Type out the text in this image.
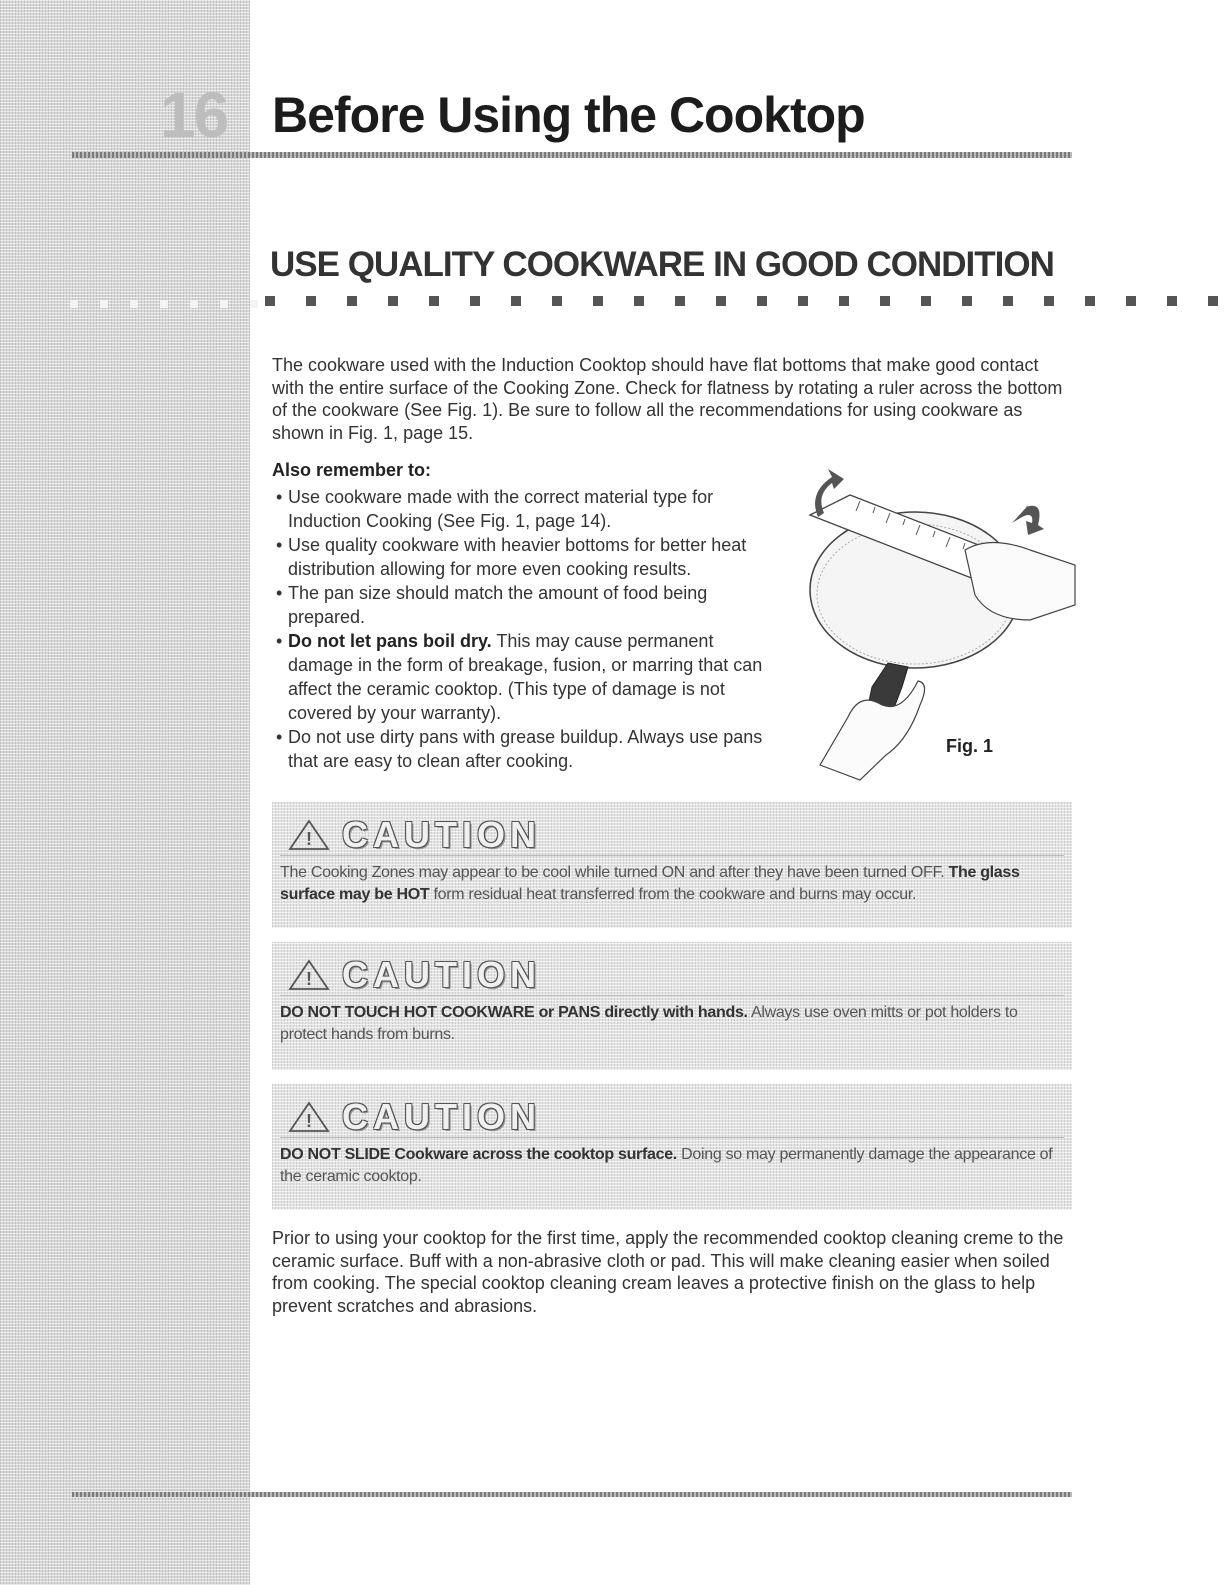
16 Before Using the Cooktop
USE QUALITY COOKWARE IN GOOD CONDITION

The cookware used with the Induction Cooktop should have flat bottoms that make good contact with the entire surface of the Cooking Zone. Check for flatness by rotating a ruler across the bottom of the cookware (See Fig. 1). Be sure to follow all the recommendations for using cookware as shown in Fig. 1, page 15.

Also remember to:

• Use cookware made with the correct material type for Induction Cooking (See Fig. 1, page 14).
• Use quality cookware with heavier bottoms for better heat distribution allowing for more even cooking results.
• The pan size should match the amount of food being prepared.
• Do not let pans boil dry. This may cause permanent damage in the form of breakage, fusion, or marring that can affect the ceramic cooktop. (This type of damage is not covered by your warranty).
• Do not use dirty pans with grease buildup. Always use pans that are easy to clean after cooking.

Fig. 1

! CAUTION

The Cooking Zones may appear to be cool while turned ON and after they have been turned OFF. The glass surface may be HOT form residual heat transferred from the cookware and burns may occur.

! CAUTION

DO NOT TOUCH HOT COOKWARE or PANS directly with hands. Always use oven mitts or pot holders to protect hands from burns.

! CAUTION

DO NOT SLIDE Cookware across the cooktop surface. Doing so may permanently damage the appearance of the ceramic cooktop.

Prior to using your cooktop for the first time, apply the recommended cooktop cleaning creme to the ceramic surface. Buff with a non-abrasive cloth or pad. This will make cleaning easier when soiled from cooking. The special cooktop cleaning cream leaves a protective finish on the glass to help prevent scratches and abrasions.
